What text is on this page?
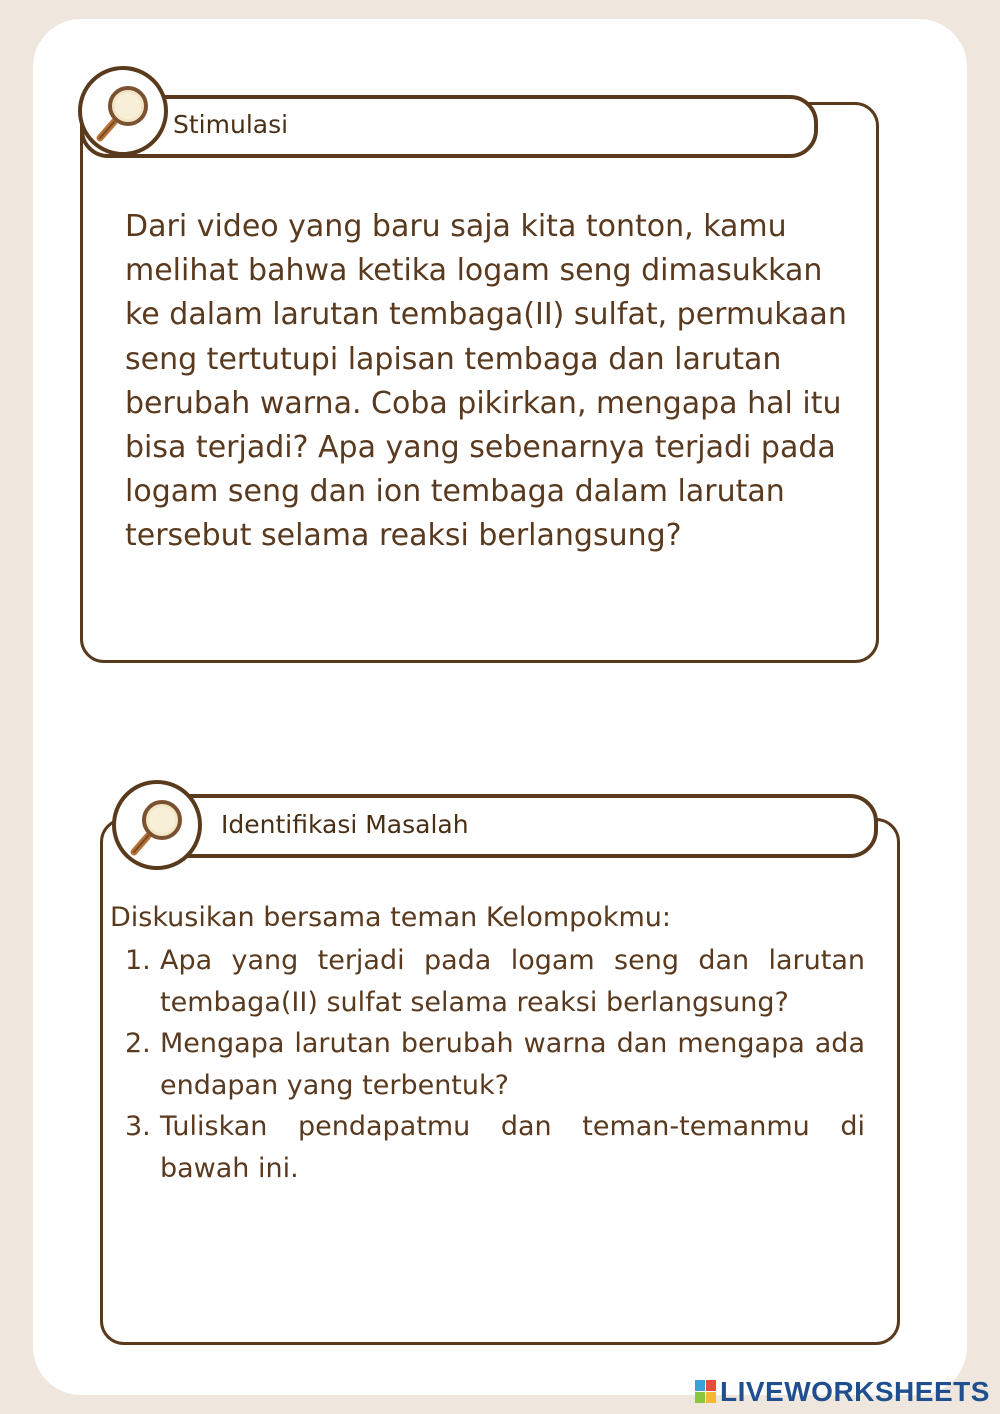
Stimulasi
Dari video yang baru saja kita tonton, kamu melihat bahwa ketika logam seng dimasukkan ke dalam larutan tembaga(II) sulfat, permukaan seng tertutupi lapisan tembaga dan larutan berubah warna. Coba pikirkan, mengapa hal itu bisa terjadi? Apa yang sebenarnya terjadi pada logam seng dan ion tembaga dalam larutan tersebut selama reaksi berlangsung?
Identifikasi Masalah
Diskusikan bersama teman Kelompokmu:
1. Apa yang terjadi pada logam seng dan larutan tembaga(II) sulfat selama reaksi berlangsung?
2. Mengapa larutan berubah warna dan mengapa ada endapan yang terbentuk?
3. Tuliskan pendapatmu dan teman-temanmu di bawah ini.
LIVEWORKSHEETS
